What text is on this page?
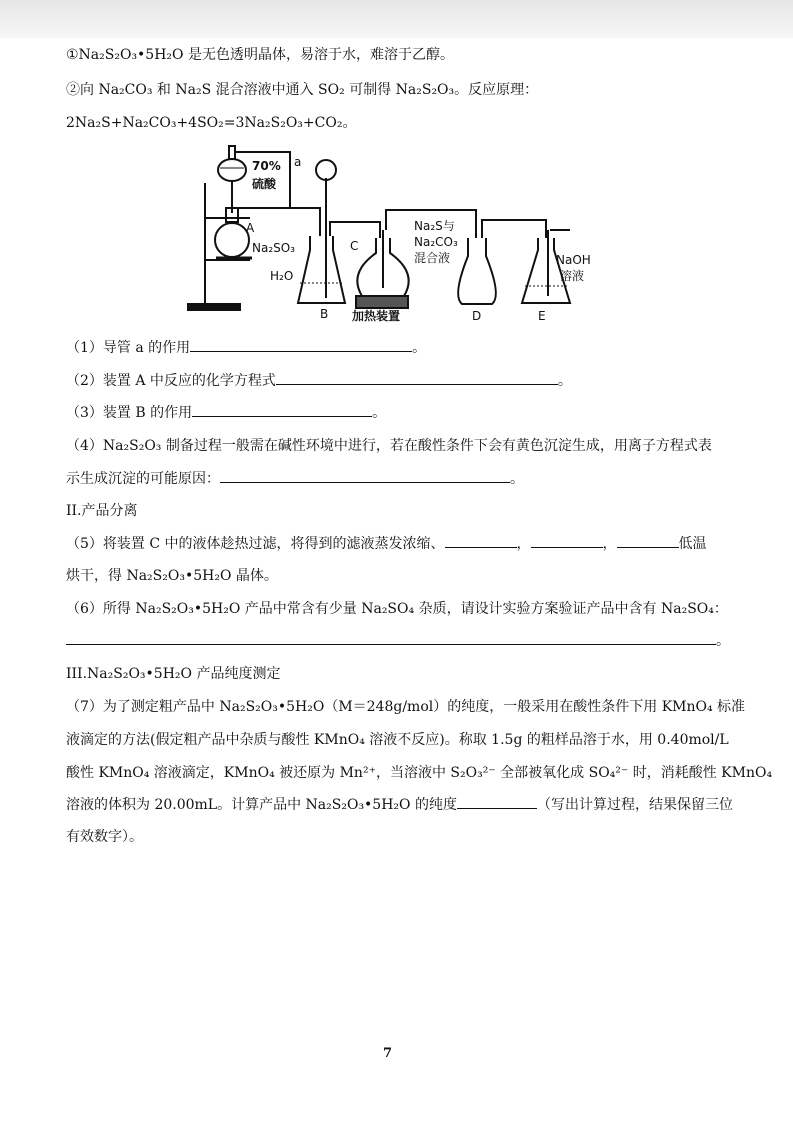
①Na₂S₂O₃•5H₂O 是无色透明晶体，易溶于水，难溶于乙醇。
②向 Na₂CO₃ 和 Na₂S 混合溶液中通入 SO₂ 可制得 Na₂S₂O₃。反应原理：
2Na₂S+Na₂CO₃+4SO₂=3Na₂S₂O₃+CO₂。
a
70%
硫酸
A
Na₂SO₃
H₂O
B
C
Na₂S与
Na₂CO₃
混合液
加热装置	D
NaOH
溶液
E
（1）导管 a 的作用	。
（2）装置 A 中反应的化学方程式	。
（3）装置 B 的作用	。
（4）Na₂S₂O₃ 制备过程一般需在碱性环境中进行，若在酸性条件下会有黄色沉淀生成，用离子方程式表
示生成沉淀的可能原因：	。
II.产品分离
（5）将装置 C 中的液体趁热过滤，将得到的滤液蒸发浓缩、	，	，	低温
烘干，得 Na₂S₂O₃•5H₂O 晶体。
（6）所得 Na₂S₂O₃•5H₂O 产品中常含有少量 Na₂SO₄ 杂质，请设计实验方案验证产品中含有 Na₂SO₄：
。
III.Na₂S₂O₃•5H₂O 产品纯度测定
（7）为了测定粗产品中 Na₂S₂O₃•5H₂O（M＝248g/mol）的纯度，一般采用在酸性条件下用 KMnO₄ 标准
液滴定的方法(假定粗产品中杂质与酸性 KMnO₄ 溶液不反应)。称取 1.5g 的粗样品溶于水，用 0.40mol/L
酸性 KMnO₄ 溶液滴定，KMnO₄ 被还原为 Mn²⁺，当溶液中 S₂O₃²⁻ 全部被氧化成 SO₄²⁻ 时，消耗酸性 KMnO₄
溶液的体积为 20.00mL。计算产品中 Na₂S₂O₃•5H₂O 的纯度	（写出计算过程，结果保留三位
有效数字）。
7
